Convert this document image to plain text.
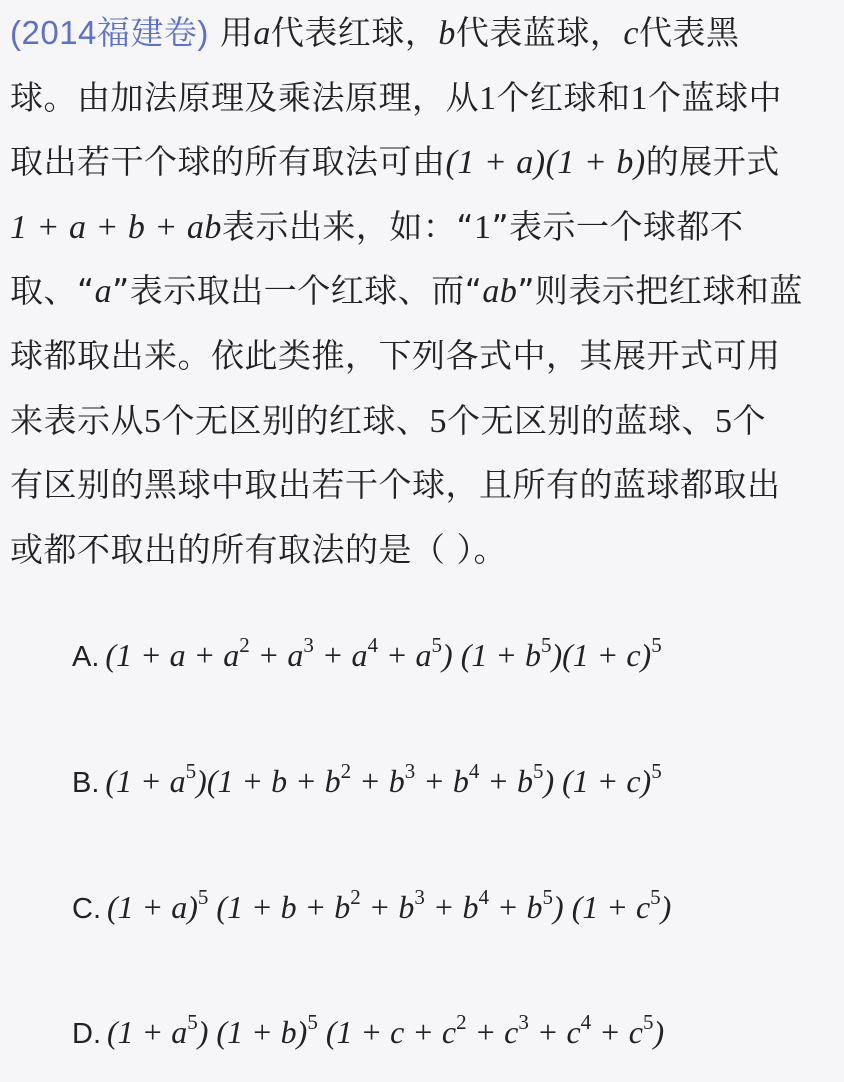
(2014福建卷) 用a代表红球，b代表蓝球，c代表黑
球。由加法原理及乘法原理，从1个红球和1个蓝球中
取出若干个球的所有取法可由(1 + a)(1 + b)的展开式
1 + a + b + ab表示出来，如：“1”表示一个球都不
取、“a”表示取出一个红球、而“ab”则表示把红球和蓝
球都取出来。依此类推，下列各式中，其展开式可用
来表示从5个无区别的红球、5个无区别的蓝球、5个
有区别的黑球中取出若干个球，且所有的蓝球都取出
或都不取出的所有取法的是（ ）。
A. $(1 + a + a^2 + a^3 + a^4 + a^5)$ $(1 + b^5)(1 + c)^5$
B. $(1 + a^5)(1 + b + b^2 + b^3 + b^4 + b^5)$ $(1 + c)^5$
C. $(1 + a)^5$ $(1 + b + b^2 + b^3 + b^4 + b^5)$ $(1 + c^5)$
D. $(1 + a^5)$ $(1 + b)^5$ $(1 + c + c^2 + c^3 + c^4 + c^5)$
